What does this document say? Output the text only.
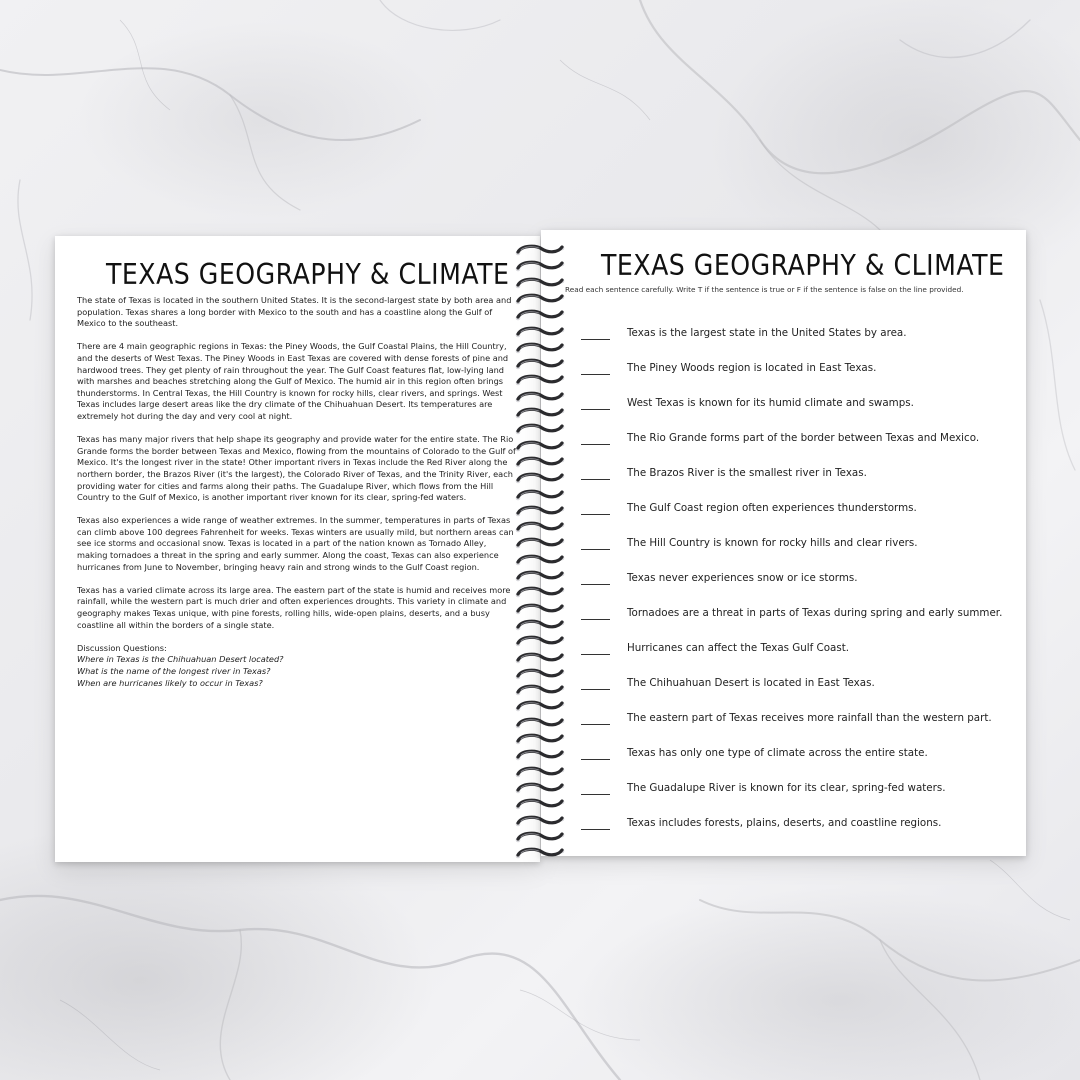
TEXAS GEOGRAPHY & CLIMATE

The state of Texas is located in the southern United States. It is the second-largest state by both area and population. Texas shares a long border with Mexico to the south and has a coastline along the Gulf of Mexico to the southeast.

There are 4 main geographic regions in Texas: the Piney Woods, the Gulf Coastal Plains, the Hill Country, and the deserts of West Texas. The Piney Woods in East Texas are covered with dense forests of pine and hardwood trees. They get plenty of rain throughout the year. The Gulf Coast features flat, low-lying land with marshes and beaches stretching along the Gulf of Mexico. The humid air in this region often brings thunderstorms. In Central Texas, the Hill Country is known for rocky hills, clear rivers, and springs. West Texas includes large desert areas like the dry climate of the Chihuahuan Desert. Its temperatures are extremely hot during the day and very cool at night.

Texas has many major rivers that help shape its geography and provide water for the entire state. The Rio Grande forms the border between Texas and Mexico, flowing from the mountains of Colorado to the Gulf of Mexico. It's the longest river in the state! Other important rivers in Texas include the Red River along the northern border, the Brazos River (it's the largest), the Colorado River of Texas, and the Trinity River, each providing water for cities and farms along their paths. The Guadalupe River, which flows from the Hill Country to the Gulf of Mexico, is another important river known for its clear, spring-fed waters.

Texas also experiences a wide range of weather extremes. In the summer, temperatures in parts of Texas can climb above 100 degrees Fahrenheit for weeks. Texas winters are usually mild, but northern areas can see ice storms and occasional snow. Texas is located in a part of the nation known as Tornado Alley, making tornadoes a threat in the spring and early summer. Along the coast, Texas can also experience hurricanes from June to November, bringing heavy rain and strong winds to the Gulf Coast region.

Texas has a varied climate across its large area. The eastern part of the state is humid and receives more rainfall, while the western part is much drier and often experiences droughts. This variety in climate and geography makes Texas unique, with pine forests, rolling hills, wide-open plains, deserts, and a busy coastline all within the borders of a single state.

Discussion Questions:
Where in Texas is the Chihuahuan Desert located?
What is the name of the longest river in Texas?
When are hurricanes likely to occur in Texas?
TEXAS GEOGRAPHY & CLIMATE
Read each sentence carefully. Write T if the sentence is true or F if the sentence is false on the line provided.
Texas is the largest state in the United States by area.
The Piney Woods region is located in East Texas.
West Texas is known for its humid climate and swamps.
The Rio Grande forms part of the border between Texas and Mexico.
The Brazos River is the smallest river in Texas.
The Gulf Coast region often experiences thunderstorms.
The Hill Country is known for rocky hills and clear rivers.
Texas never experiences snow or ice storms.
Tornadoes are a threat in parts of Texas during spring and early summer.
Hurricanes can affect the Texas Gulf Coast.
The Chihuahuan Desert is located in East Texas.
The eastern part of Texas receives more rainfall than the western part.
Texas has only one type of climate across the entire state.
The Guadalupe River is known for its clear, spring-fed waters.
Texas includes forests, plains, deserts, and coastline regions.
